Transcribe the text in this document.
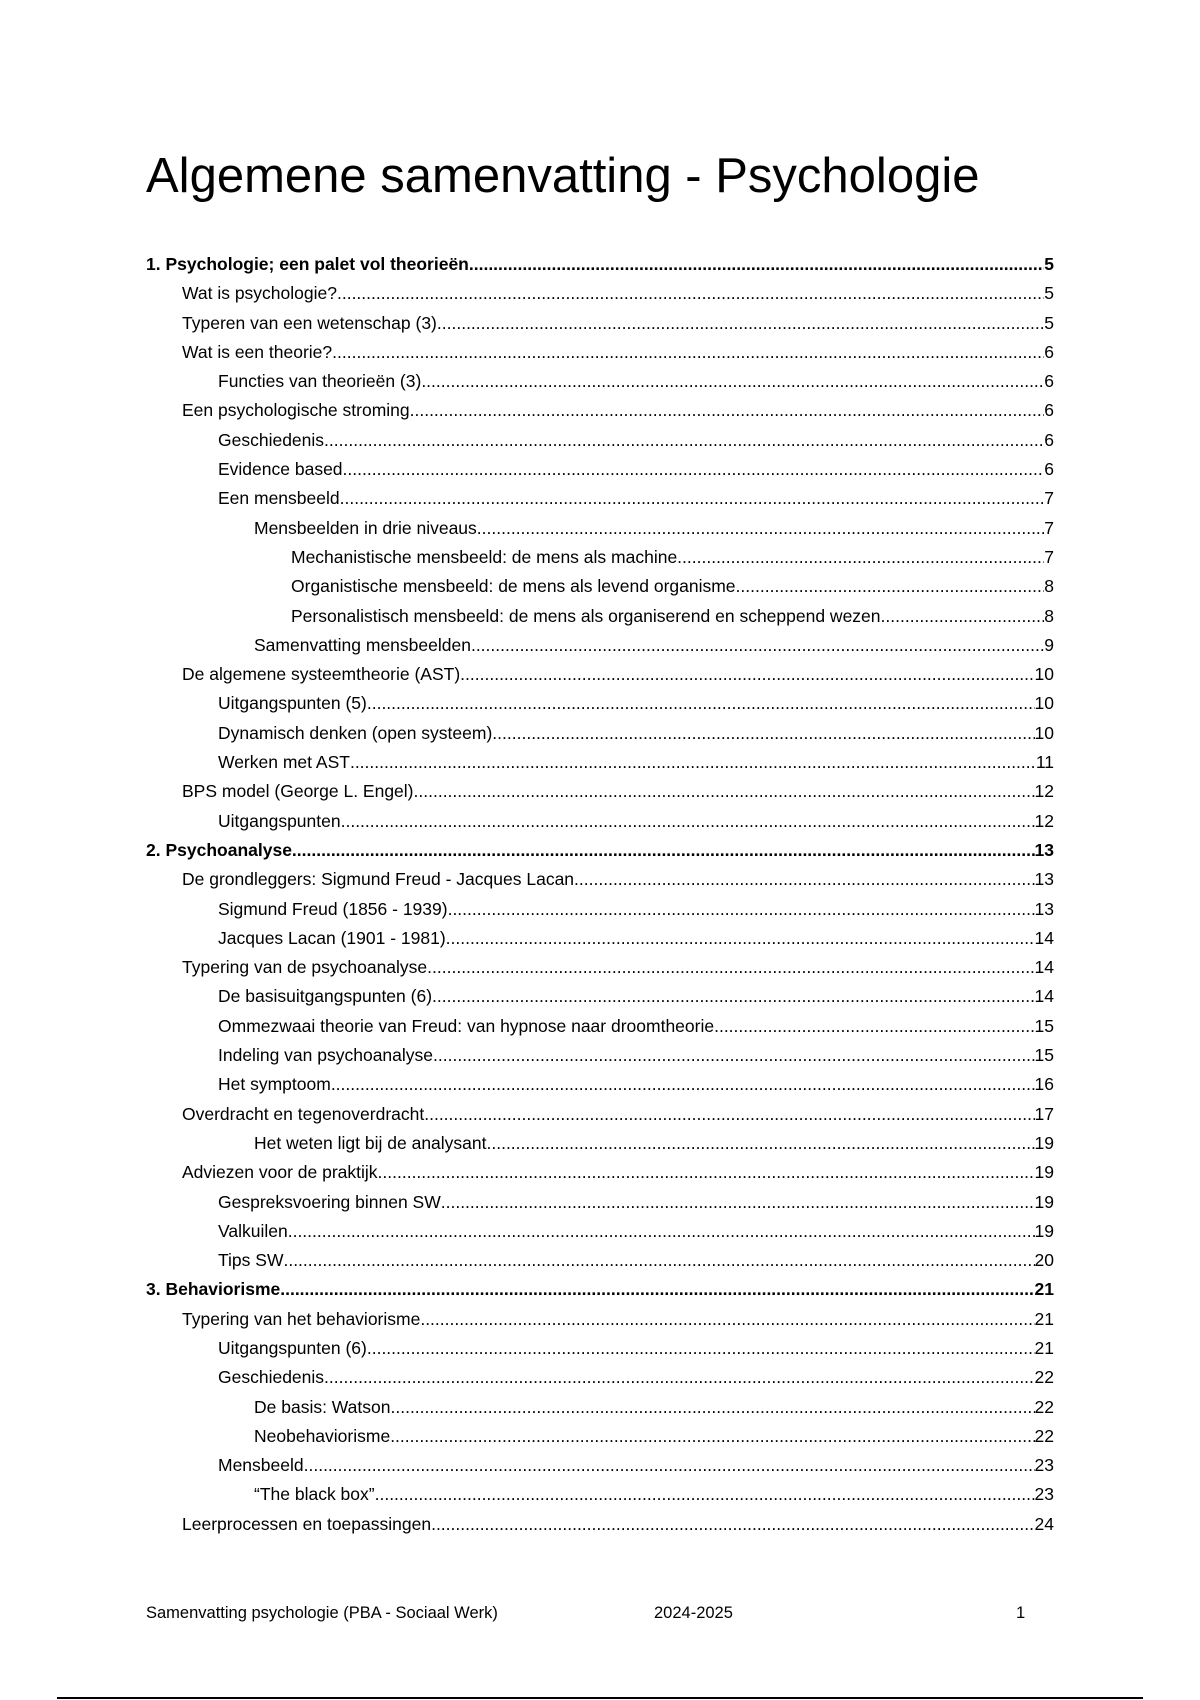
Algemene samenvatting - Psychologie
1. Psychologie; een palet vol theorieën .....	5
Wat is psychologie? .....	5
Typeren van een wetenschap (3) .....	5
Wat is een theorie? .....	6
Functies van theorieën (3) .....	6
Een psychologische stroming .....	6
Geschiedenis .....	6
Evidence based .....	6
Een mensbeeld .....	7
Mensbeelden in drie niveaus .....	7
Mechanistische mensbeeld: de mens als machine .....	7
Organistische mensbeeld: de mens als levend organisme .....	8
Personalistisch mensbeeld: de mens als organiserend en scheppend wezen .....	8
Samenvatting mensbeelden .....	9
De algemene systeemtheorie (AST) .....	10
Uitgangspunten (5) .....	10
Dynamisch denken (open systeem) .....	10
Werken met AST .....	11
BPS model (George L. Engel) .....	12
Uitgangspunten .....	12
2. Psychoanalyse .....	13
De grondleggers: Sigmund Freud - Jacques Lacan .....	13
Sigmund Freud (1856 - 1939) .....	13
Jacques Lacan (1901 - 1981) .....	14
Typering van de psychoanalyse .....	14
De basisuitgangspunten (6) .....	14
Ommezwaai theorie van Freud: van hypnose naar droomtheorie .....	15
Indeling van psychoanalyse .....	15
Het symptoom .....	16
Overdracht en tegenoverdracht .....	17
Het weten ligt bij de analysant .....	19
Adviezen voor de praktijk .....	19
Gespreksvoering binnen SW .....	19
Valkuilen .....	19
Tips SW .....	20
3. Behaviorisme .....	21
Typering van het behaviorisme .....	21
Uitgangspunten (6) .....	21
Geschiedenis .....	22
De basis: Watson .....	22
Neobehaviorisme .....	22
Mensbeeld .....	23
“The black box” .....	23
Leerprocessen en toepassingen .....	24
Samenvatting psychologie (PBA - Sociaal Werk)	2024-2025	1
